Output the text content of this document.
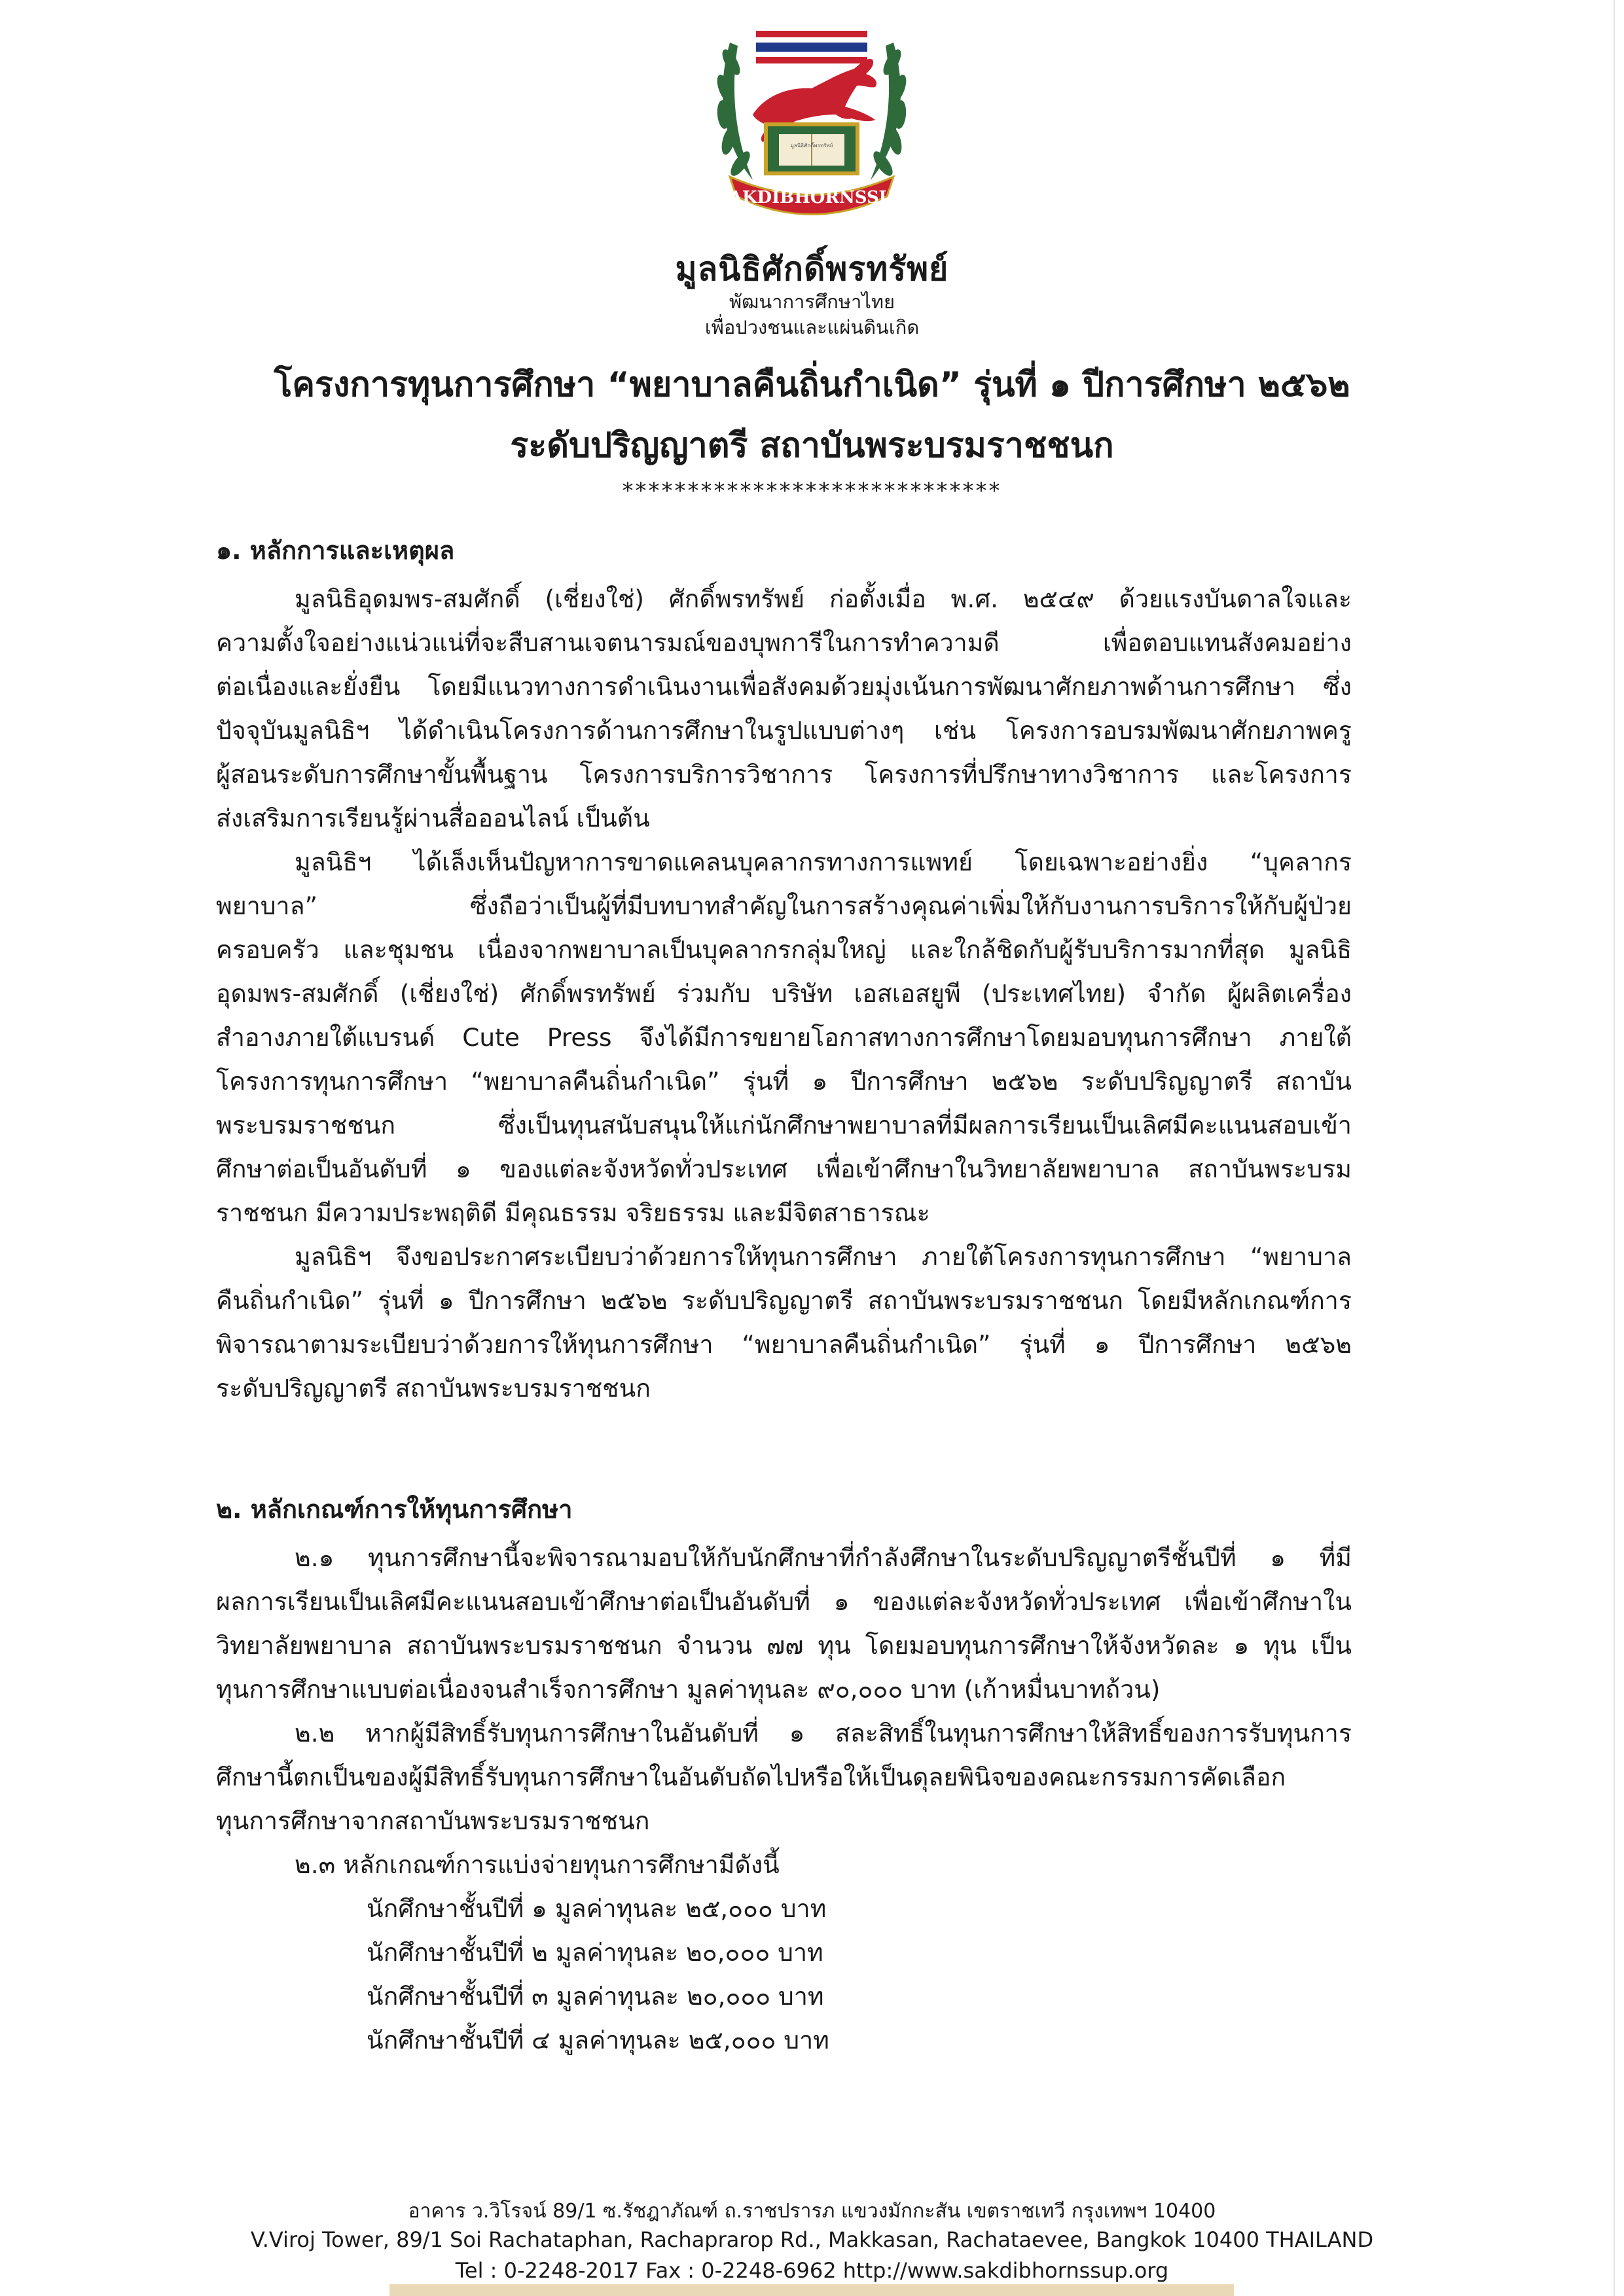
มูลนิธิศักดิ์พรทรัพย์
SAKDIBHORNSSUP
มูลนิธิศักดิ์พรทรัพย์
พัฒนาการศึกษาไทย
เพื่อปวงชนและแผ่นดินเกิด
โครงการทุนการศึกษา “พยาบาลคืนถิ่นกำเนิด” รุ่นที่ ๑ ปีการศึกษา ๒๕๖๒
ระดับปริญญาตรี สถาบันพระบรมราชชนก
*****************************
๑. หลักการและเหตุผล
มูลนิธิอุดมพร-สมศักดิ์ (เชี่ยงใช่) ศักดิ์พรทรัพย์ ก่อตั้งเมื่อ พ.ศ. ๒๕๔๙ ด้วยแรงบันดาลใจและ
ความตั้งใจอย่างแน่วแน่ที่จะสืบสานเจตนารมณ์ของบุพการีในการทำความดี เพื่อตอบแทนสังคมอย่าง
ต่อเนื่องและยั่งยืน โดยมีแนวทางการดำเนินงานเพื่อสังคมด้วยมุ่งเน้นการพัฒนาศักยภาพด้านการศึกษา ซึ่ง
ปัจจุบันมูลนิธิฯ ได้ดำเนินโครงการด้านการศึกษาในรูปแบบต่างๆ เช่น โครงการอบรมพัฒนาศักยภาพครู
ผู้สอนระดับการศึกษาขั้นพื้นฐาน โครงการบริการวิชาการ โครงการที่ปรึกษาทางวิชาการ และโครงการ
ส่งเสริมการเรียนรู้ผ่านสื่อออนไลน์ เป็นต้น
มูลนิธิฯ ได้เล็งเห็นปัญหาการขาดแคลนบุคลากรทางการแพทย์ โดยเฉพาะอย่างยิ่ง “บุคลากร
พยาบาล” ซึ่งถือว่าเป็นผู้ที่มีบทบาทสำคัญในการสร้างคุณค่าเพิ่มให้กับงานการบริการให้กับผู้ป่วย
ครอบครัว และชุมชน เนื่องจากพยาบาลเป็นบุคลากรกลุ่มใหญ่ และใกล้ชิดกับผู้รับบริการมากที่สุด มูลนิธิ
อุดมพร-สมศักดิ์ (เชี่ยงใช่) ศักดิ์พรทรัพย์ ร่วมกับ บริษัท เอสเอสยูพี (ประเทศไทย) จำกัด ผู้ผลิตเครื่อง
สำอางภายใต้แบรนด์ Cute Press จึงได้มีการขยายโอกาสทางการศึกษาโดยมอบทุนการศึกษา ภายใต้
โครงการทุนการศึกษา “พยาบาลคืนถิ่นกำเนิด” รุ่นที่ ๑ ปีการศึกษา ๒๕๖๒ ระดับปริญญาตรี สถาบัน
พระบรมราชชนก ซึ่งเป็นทุนสนับสนุนให้แก่นักศึกษาพยาบาลที่มีผลการเรียนเป็นเลิศมีคะแนนสอบเข้า
ศึกษาต่อเป็นอันดับที่ ๑ ของแต่ละจังหวัดทั่วประเทศ เพื่อเข้าศึกษาในวิทยาลัยพยาบาล สถาบันพระบรม
ราชชนก มีความประพฤติดี มีคุณธรรม จริยธรรม และมีจิตสาธารณะ
มูลนิธิฯ จึงขอประกาศระเบียบว่าด้วยการให้ทุนการศึกษา ภายใต้โครงการทุนการศึกษา “พยาบาล
คืนถิ่นกำเนิด” รุ่นที่ ๑ ปีการศึกษา ๒๕๖๒ ระดับปริญญาตรี สถาบันพระบรมราชชนก โดยมีหลักเกณฑ์การ
พิจารณาตามระเบียบว่าด้วยการให้ทุนการศึกษา “พยาบาลคืนถิ่นกำเนิด” รุ่นที่ ๑ ปีการศึกษา ๒๕๖๒
ระดับปริญญาตรี สถาบันพระบรมราชชนก
๒. หลักเกณฑ์การให้ทุนการศึกษา
๒.๑ ทุนการศึกษานี้จะพิจารณามอบให้กับนักศึกษาที่กำลังศึกษาในระดับปริญญาตรีชั้นปีที่ ๑ ที่มี
ผลการเรียนเป็นเลิศมีคะแนนสอบเข้าศึกษาต่อเป็นอันดับที่ ๑ ของแต่ละจังหวัดทั่วประเทศ เพื่อเข้าศึกษาใน
วิทยาลัยพยาบาล สถาบันพระบรมราชชนก จำนวน ๗๗ ทุน โดยมอบทุนการศึกษาให้จังหวัดละ ๑ ทุน เป็น
ทุนการศึกษาแบบต่อเนื่องจนสำเร็จการศึกษา มูลค่าทุนละ ๙๐,๐๐๐ บาท (เก้าหมื่นบาทถ้วน)
๒.๒ หากผู้มีสิทธิ์รับทุนการศึกษาในอันดับที่ ๑ สละสิทธิ์ในทุนการศึกษาให้สิทธิ์ของการรับทุนการ
ศึกษานี้ตกเป็นของผู้มีสิทธิ์รับทุนการศึกษาในอันดับถัดไปหรือให้เป็นดุลยพินิจของคณะกรรมการคัดเลือก
ทุนการศึกษาจากสถาบันพระบรมราชชนก
๒.๓ หลักเกณฑ์การแบ่งจ่ายทุนการศึกษามีดังนี้
นักศึกษาชั้นปีที่ ๑ มูลค่าทุนละ ๒๕,๐๐๐ บาท
นักศึกษาชั้นปีที่ ๒ มูลค่าทุนละ ๒๐,๐๐๐ บาท
นักศึกษาชั้นปีที่ ๓ มูลค่าทุนละ ๒๐,๐๐๐ บาท
นักศึกษาชั้นปีที่ ๔ มูลค่าทุนละ ๒๕,๐๐๐ บาท
อาคาร ว.วิโรจน์ 89/1 ซ.รัชฎาภัณฑ์ ถ.ราชปรารภ แขวงมักกะสัน เขตราชเทวี กรุงเทพฯ 10400
V.Viroj Tower, 89/1 Soi Rachataphan, Rachaprarop Rd., Makkasan, Rachataevee, Bangkok 10400 THAILAND
Tel : 0-2248-2017 Fax : 0-2248-6962 http://www.sakdibhornssup.org
